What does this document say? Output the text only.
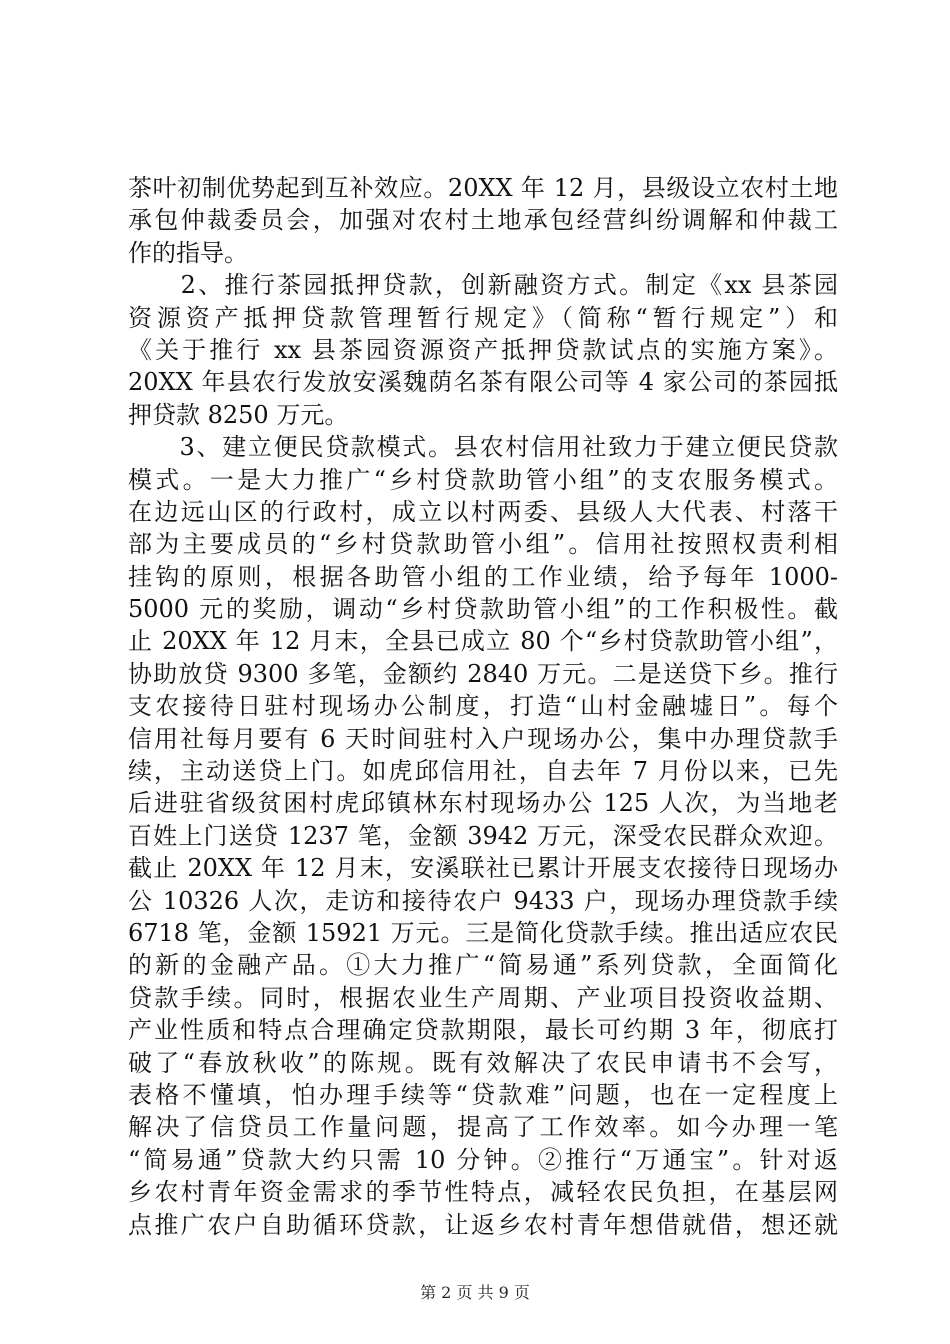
茶叶初制优势起到互补效应。20XX 年 12 月，县级设立农村土地
承包仲裁委员会，加强对农村土地承包经营纠纷调解和仲裁工
作的指导。
　　2、推行茶园抵押贷款，创新融资方式。制定《xx 县茶园
资源资产抵押贷款管理暂行规定》（简称“暂行规定”）和
《关于推行 xx 县茶园资源资产抵押贷款试点的实施方案》。
20XX 年县农行发放安溪魏荫名茶有限公司等 4 家公司的茶园抵
押贷款 8250 万元。
　　3、建立便民贷款模式。县农村信用社致力于建立便民贷款
模式。一是大力推广“乡村贷款助管小组”的支农服务模式。
在边远山区的行政村，成立以村两委、县级人大代表、村落干
部为主要成员的“乡村贷款助管小组”。信用社按照权责利相
挂钩的原则，根据各助管小组的工作业绩，给予每年 1000-
5000 元的奖励，调动“乡村贷款助管小组”的工作积极性。截
止 20XX 年 12 月末，全县已成立 80 个“乡村贷款助管小组”，
协助放贷 9300 多笔，金额约 2840 万元。二是送贷下乡。推行
支农接待日驻村现场办公制度，打造“山村金融墟日”。每个
信用社每月要有 6 天时间驻村入户现场办公，集中办理贷款手
续，主动送贷上门。如虎邱信用社，自去年 7 月份以来，已先
后进驻省级贫困村虎邱镇林东村现场办公 125 人次，为当地老
百姓上门送贷 1237 笔，金额 3942 万元，深受农民群众欢迎。
截止 20XX 年 12 月末，安溪联社已累计开展支农接待日现场办
公 10326 人次，走访和接待农户 9433 户，现场办理贷款手续
6718 笔，金额 15921 万元。三是简化贷款手续。推出适应农民
的新的金融产品。①大力推广“简易通”系列贷款，全面简化
贷款手续。同时，根据农业生产周期、产业项目投资收益期、
产业性质和特点合理确定贷款期限，最长可约期 3 年，彻底打
破了“春放秋收”的陈规。既有效解决了农民申请书不会写，
表格不懂填，怕办理手续等“贷款难”问题，也在一定程度上
解决了信贷员工作量问题，提高了工作效率。如今办理一笔
“简易通”贷款大约只需 10 分钟。②推行“万通宝”。针对返
乡农村青年资金需求的季节性特点，减轻农民负担，在基层网
点推广农户自助循环贷款，让返乡农村青年想借就借，想还就
第 2 页 共 9 页
